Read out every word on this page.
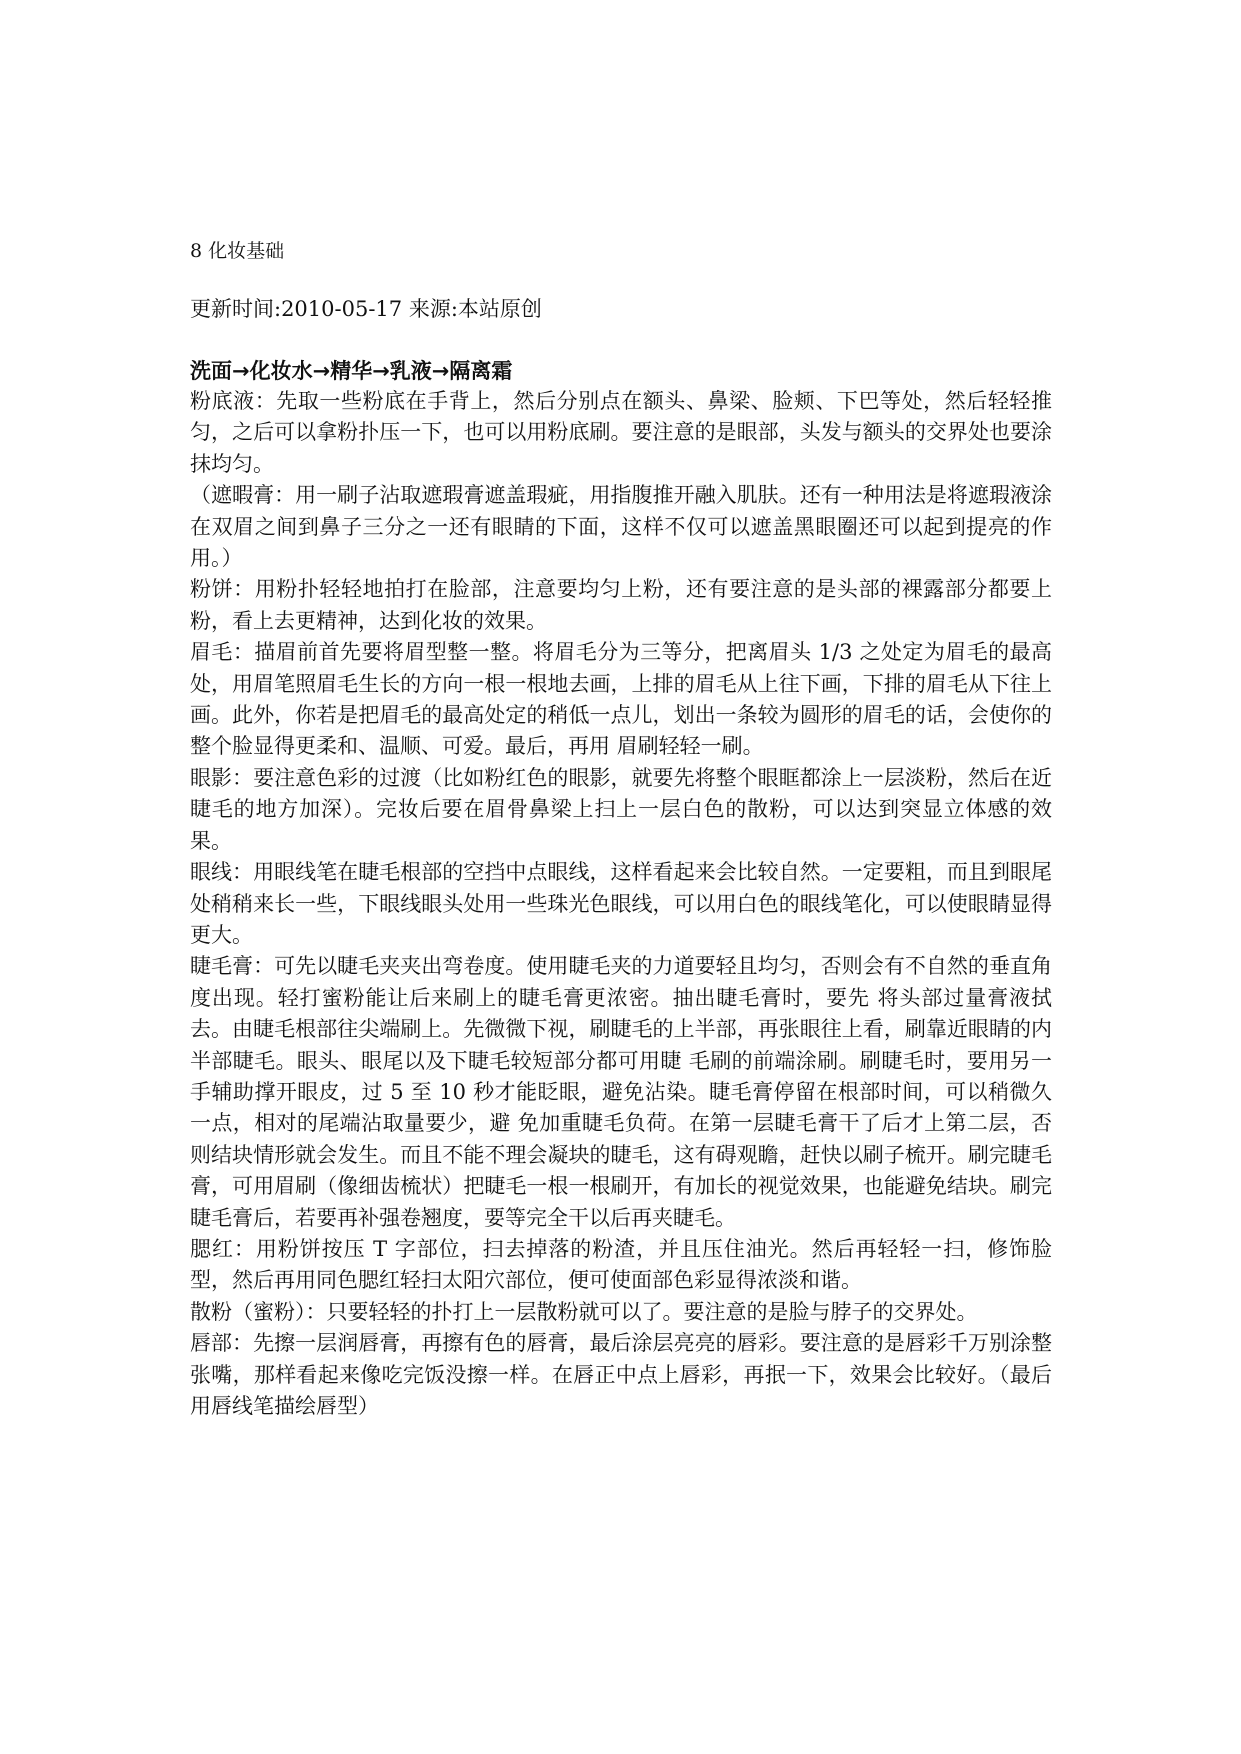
8 化妆基础
更新时间:2010-05-17 来源:本站原创
洗面→化妆水→精华→乳液→隔离霜

粉底液：先取一些粉底在手背上，然后分别点在额头、鼻梁、脸颊、下巴等处，然后轻轻推匀，之后可以拿粉扑压一下，也可以用粉底刷。要注意的是眼部，头发与额头的交界处也要涂抹均匀。

（遮暇膏：用一刷子沾取遮瑕膏遮盖瑕疵，用指腹推开融入肌肤。还有一种用法是将遮瑕液涂在双眉之间到鼻子三分之一还有眼睛的下面，这样不仅可以遮盖黑眼圈还可以起到提亮的作用。）

粉饼：用粉扑轻轻地拍打在脸部，注意要均匀上粉，还有要注意的是头部的裸露部分都要上粉，看上去更精神，达到化妆的效果。

眉毛：描眉前首先要将眉型整一整。将眉毛分为三等分，把离眉头 1/3 之处定为眉毛的最高处，用眉笔照眉毛生长的方向一根一根地去画，上排的眉毛从上往下画，下排的眉毛从下往上画。此外，你若是把眉毛的最高处定的稍低一点儿，划出一条较为圆形的眉毛的话，会使你的整个脸显得更柔和、温顺、可爱。最后，再用 眉刷轻轻一刷。

眼影：要注意色彩的过渡（比如粉红色的眼影，就要先将整个眼眶都涂上一层淡粉，然后在近睫毛的地方加深）。完妆后要在眉骨鼻梁上扫上一层白色的散粉，可以达到突显立体感的效果。

眼线：用眼线笔在睫毛根部的空挡中点眼线，这样看起来会比较自然。一定要粗，而且到眼尾处稍稍来长一些，下眼线眼头处用一些珠光色眼线，可以用白色的眼线笔化，可以使眼睛显得更大。

睫毛膏：可先以睫毛夹夹出弯卷度。使用睫毛夹的力道要轻且均匀，否则会有不自然的垂直角度出现。轻打蜜粉能让后来刷上的睫毛膏更浓密。抽出睫毛膏时，要先 将头部过量膏液拭去。由睫毛根部往尖端刷上。先微微下视，刷睫毛的上半部，再张眼往上看，刷靠近眼睛的内半部睫毛。眼头、眼尾以及下睫毛较短部分都可用睫 毛刷的前端涂刷。刷睫毛时，要用另一手辅助撑开眼皮，过 5 至 10 秒才能眨眼，避免沾染。睫毛膏停留在根部时间，可以稍微久一点，相对的尾端沾取量要少，避 免加重睫毛负荷。在第一层睫毛膏干了后才上第二层，否则结块情形就会发生。而且不能不理会凝块的睫毛，这有碍观瞻，赶快以刷子梳开。刷完睫毛膏，可用眉刷（像细齿梳状）把睫毛一根一根刷开，有加长的视觉效果，也能避免结块。刷完睫毛膏后，若要再补强卷翘度，要等完全干以后再夹睫毛。

腮红：用粉饼按压 T 字部位，扫去掉落的粉渣，并且压住油光。然后再轻轻一扫，修饰脸型，然后再用同色腮红轻扫太阳穴部位，便可使面部色彩显得浓淡和谐。

散粉（蜜粉）：只要轻轻的扑打上一层散粉就可以了。要注意的是脸与脖子的交界处。

唇部：先擦一层润唇膏，再擦有色的唇膏，最后涂层亮亮的唇彩。要注意的是唇彩千万别涂整张嘴，那样看起来像吃完饭没擦一样。在唇正中点上唇彩，再抿一下，效果会比较好。（最后用唇线笔描绘唇型）
